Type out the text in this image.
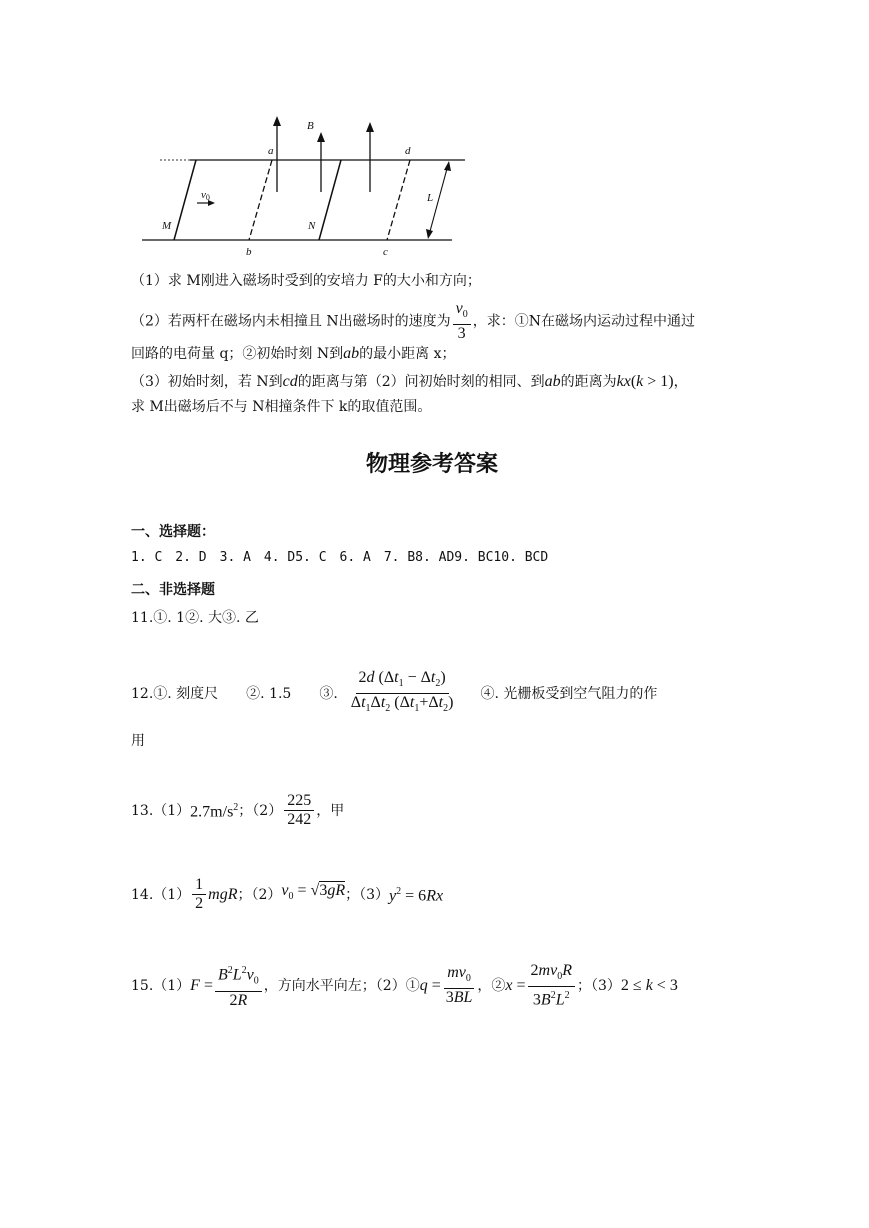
B
a	d
v0
M	N
b	c
L
（1）求 M刚进入磁场时受到的安培力 F的大小和方向；
（2）若两杆在磁场内未相撞且 N出磁场时的速度为 $\frac{v_0}{3}$ ，求：①N在磁场内运动过程中通过
回路的电荷量 q；②初始时刻 N到ab的最小距离 x；
（3）初始时刻，若 N到cd的距离与第（2）问初始时刻的相同、到ab的距离为kx(k > 1)，
求 M出磁场后不与 N相撞条件下 k的取值范围。
物理参考答案
一、选择题：
1. C　2. D　3. A　4. D5. C　6. A　7. B8. AD9. BC10. BCD
二、非选择题
11.①. 1②. 大③. 乙
12.①. 刻度尺　　②. 1.5　　③. $\frac{2d (\Delta t_1 - \Delta t_2)}{\Delta t_1\Delta t_2 (\Delta t_1+\Delta t_2)}$ ④. 光栅板受到空气阻力的作
用
13.（1） $2.7m/s^2$ ；$(2) \frac{225}{242}$ ，甲
$14.(1) \frac{1}{2}$ mgR ；（2） $v_0 = √3gR$ ；（3） $y^2 = 6Rx$
15.（1） $F = \frac{B^2L^2v_0}{2R}$ ，方向水平向左；（2）① $q = \frac{mv_0}{3BL}$ ，② $x = \frac{2mv_0R}{3B^2L^2}$ ；（3） 2 ≤ k < 3
